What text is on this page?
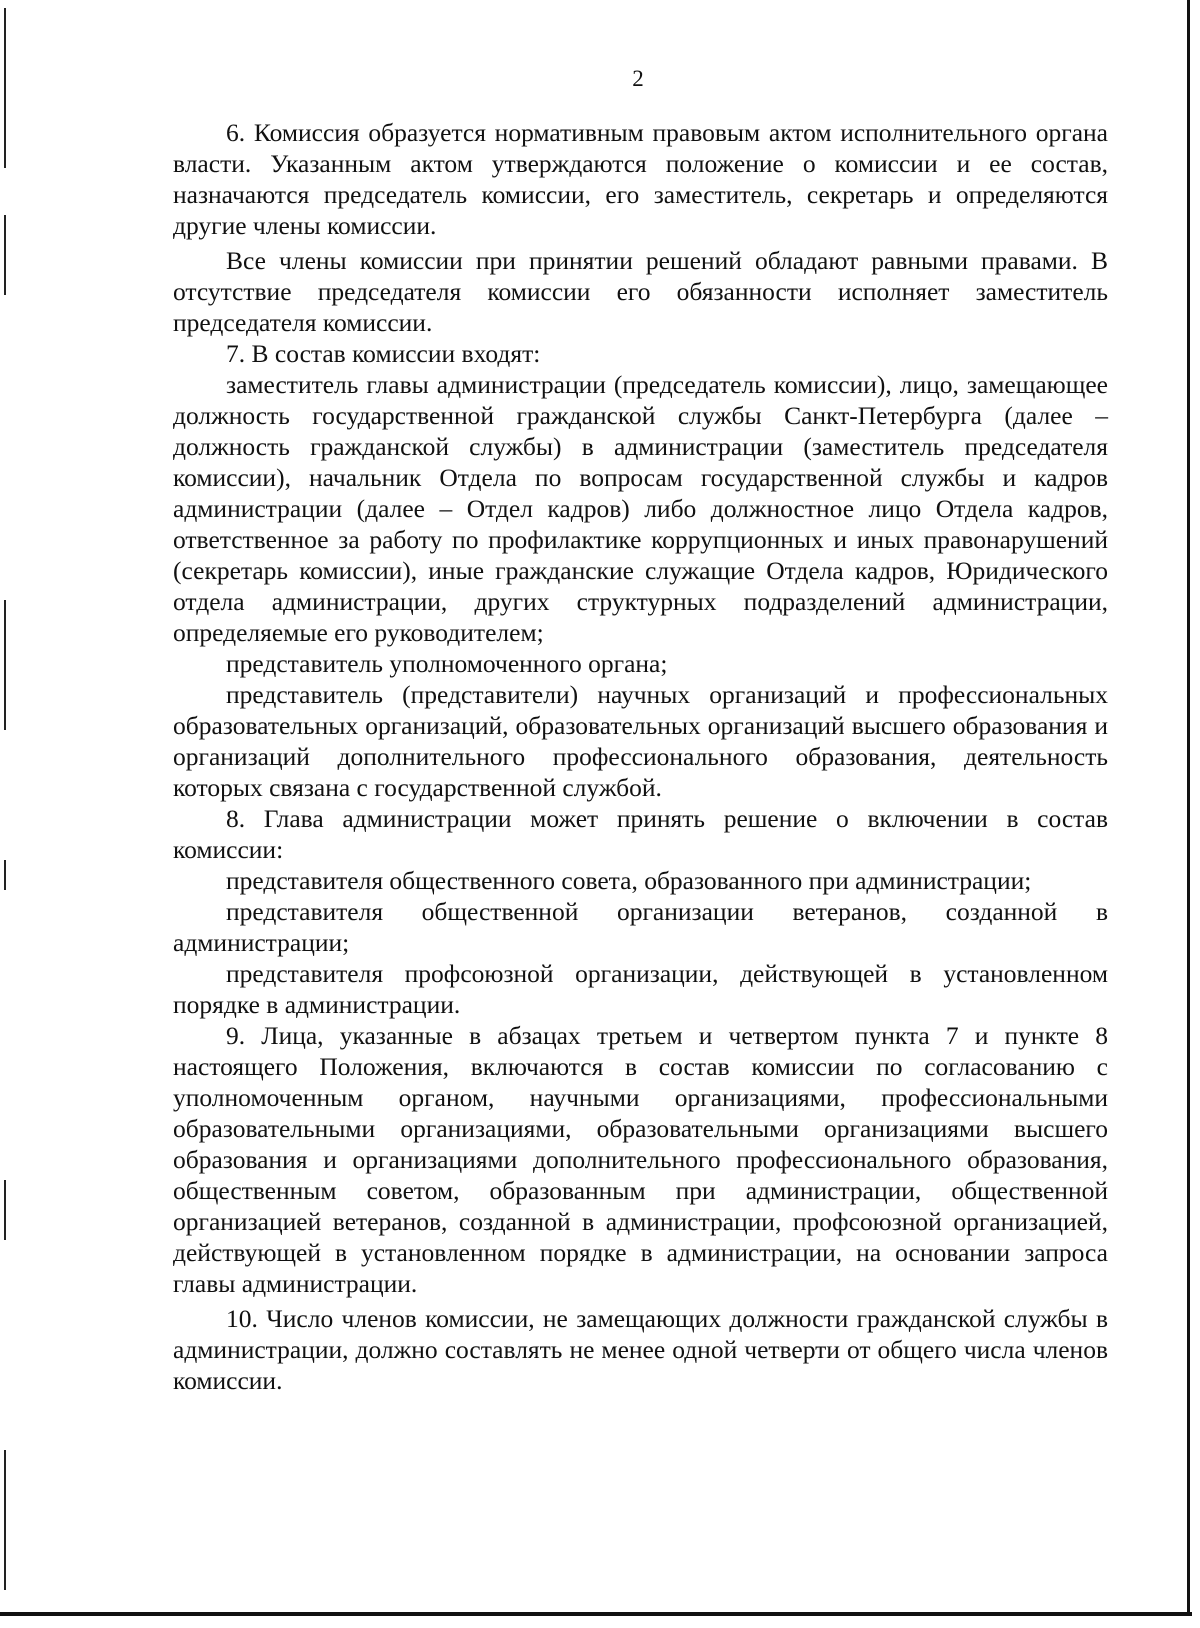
2

6. Комиссия образуется нормативным правовым актом исполнительного органа власти. Указанным актом утверждаются положение о комиссии и ее состав, назначаются председатель комиссии, его заместитель, секретарь и определяются другие члены комиссии.

Все члены комиссии при принятии решений обладают равными правами. В отсутствие председателя комиссии его обязанности исполняет заместитель председателя комиссии.

7. В состав комиссии входят:

заместитель главы администрации (председатель комиссии), лицо, замещающее должность государственной гражданской службы Санкт-Петербурга (далее – должность гражданской службы) в администрации (заместитель председателя комиссии), начальник Отдела по вопросам государственной службы и кадров администрации (далее – Отдел кадров) либо должностное лицо Отдела кадров, ответственное за работу по профилактике коррупционных и иных правонарушений (секретарь комиссии), иные гражданские служащие Отдела кадров, Юридического отдела администрации, других структурных подразделений администрации, определяемые его руководителем;

представитель уполномоченного органа;

представитель (представители) научных организаций и профессиональных образовательных организаций, образовательных организаций высшего образования и организаций дополнительного профессионального образования, деятельность которых связана с государственной службой.

8. Глава администрации может принять решение о включении в состав комиссии:

представителя общественного совета, образованного при администрации;

представителя общественной организации ветеранов, созданной в администрации;

представителя профсоюзной организации, действующей в установленном порядке в администрации.

9. Лица, указанные в абзацах третьем и четвертом пункта 7 и пункте 8 настоящего Положения, включаются в состав комиссии по согласованию с уполномоченным органом, научными организациями, профессиональными образовательными организациями, образовательными организациями высшего образования и организациями дополнительного профессионального образования, общественным советом, образованным при администрации, общественной организацией ветеранов, созданной в администрации, профсоюзной организацией, действующей в установленном порядке в администрации, на основании запроса главы администрации.

10. Число членов комиссии, не замещающих должности гражданской службы в администрации, должно составлять не менее одной четверти от общего числа членов комиссии.
